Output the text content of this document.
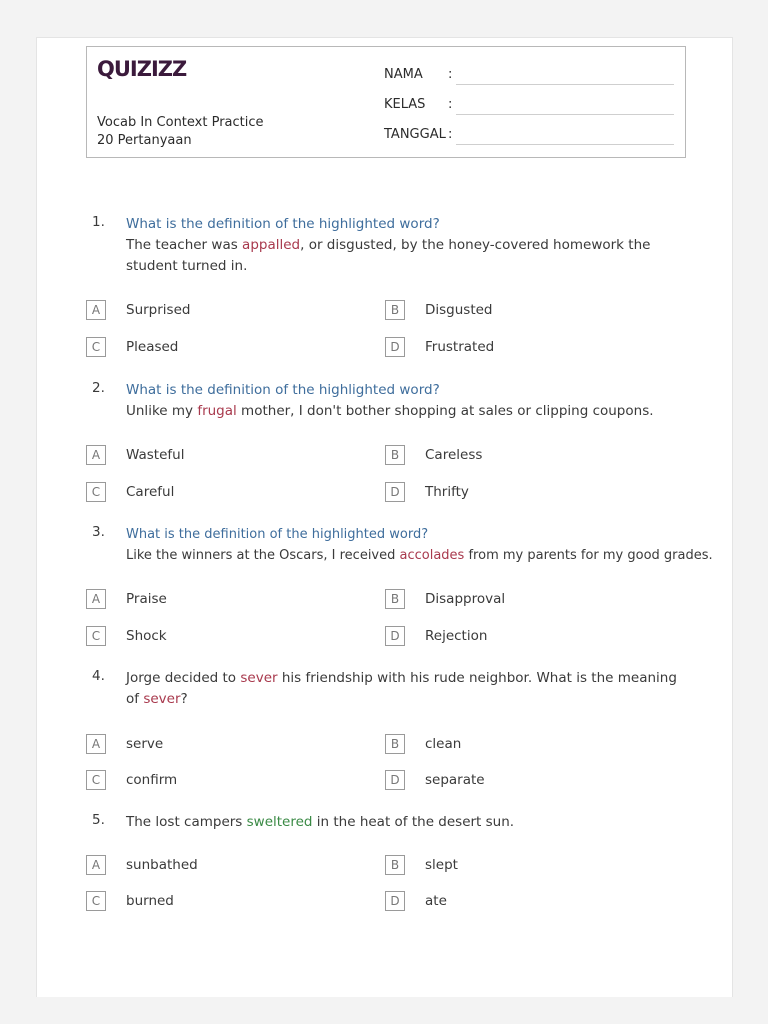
QUIZIZZ
Vocab In Context Practice
20 Pertanyaan
NAMA :
KELAS :
TANGGAL :
1. What is the definition of the highlighted word?
The teacher was appalled, or disgusted, by the honey-covered homework the student turned in.
A	Surprised	B	Disgusted
C	Pleased	D	Frustrated
2. What is the definition of the highlighted word?
Unlike my frugal mother, I don't bother shopping at sales or clipping coupons.
A	Wasteful	B	Careless
C	Careful	D	Thrifty
3. What is the definition of the highlighted word?
Like the winners at the Oscars, I received accolades from my parents for my good grades.
A	Praise	B	Disapproval
C	Shock	D	Rejection
4. Jorge decided to sever his friendship with his rude neighbor. What is the meaning of sever?
A	serve	B	clean
C	confirm	D	separate
5. The lost campers sweltered in the heat of the desert sun.
A	sunbathed	B	slept
C	burned	D	ate
